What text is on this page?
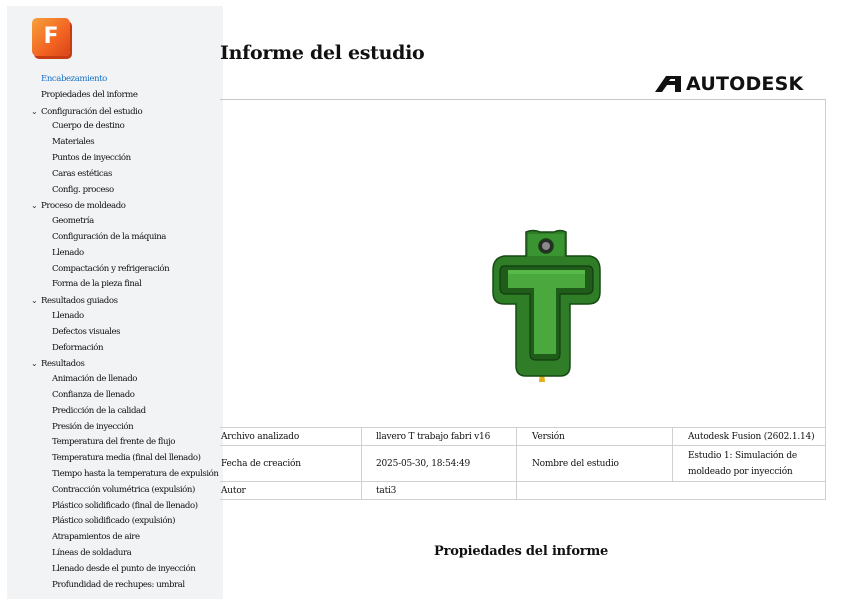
F
Encabezamiento
Propiedades del informe
⌄ Configuración del estudio
Cuerpo de destino
Materiales
Puntos de inyección
Caras estéticas
Config. proceso
⌄ Proceso de moldeado
Geometría
Configuración de la máquina
Llenado
Compactación y refrigeración
Forma de la pieza final
⌄ Resultados guiados
Llenado
Defectos visuales
Deformación
⌄ Resultados
Animación de llenado
Confianza de llenado
Predicción de la calidad
Presión de inyección
Temperatura del frente de flujo
Temperatura media (final del llenado)
Tiempo hasta la temperatura de expulsión
Contracción volumétrica (expulsión)
Plástico solidificado (final de llenado)
Plástico solidificado (expulsión)
Atrapamientos de aire
Líneas de soldadura
Llenado desde el punto de inyección
Profundidad de rechupes: umbral
Informe del estudio
AUTODESK
Archivo analizado	llavero T trabajo fabri v16	Versión	Autodesk Fusion (2602.1.14)
Fecha de creación	2025-05-30, 18:54:49	Nombre del estudio	Estudio 1: Simulación de moldeado por inyección
Autor	tati3		
Propiedades del informe
